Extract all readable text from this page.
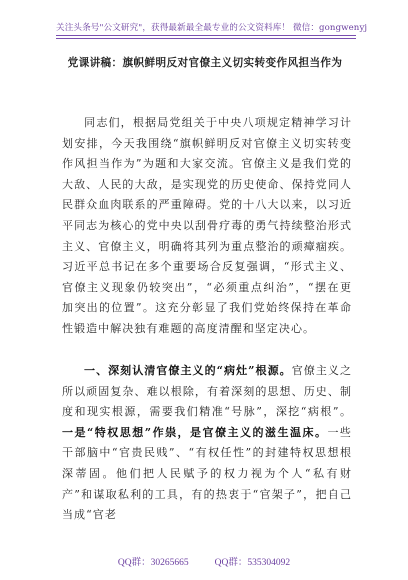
关注头条号"公文研究"，获得最新最全最专业的公文资料库！ 微信：gongwenyj
党课讲稿：旗帜鲜明反对官僚主义切实转变作风担当作为
同志们，根据局党组关于中央八项规定精神学习计划安排，今天我围绕“旗帜鲜明反对官僚主义切实转变作风担当作为”为题和大家交流。官僚主义是我们党的大敌、人民的大敌，是实现党的历史使命、保持党同人民群众血肉联系的严重障碍。党的十八大以来，以习近平同志为核心的党中央以刮骨疗毒的勇气持续整治形式主义、官僚主义，明确将其列为重点整治的顽瘴痼疾。习近平总书记在多个重要场合反复强调，“形式主义、官僚主义现象仍较突出”，“必须重点纠治”，“摆在更加突出的位置”。这充分彰显了我们党始终保持在革命性锻造中解决独有难题的高度清醒和坚定决心。
一、深刻认清官僚主义的“病灶”根源。官僚主义之所以顽固复杂、难以根除，有着深刻的思想、历史、制度和现实根源，需要我们精准“号脉”，深挖“病根”。一是“特权思想”作祟，是官僚主义的滋生温床。一些干部脑中“官贵民贱”、“有权任性”的封建特权思想根深蒂固。他们把人民赋予的权力视为个人“私有财产”和谋取私利的工具，有的热衷于“官架子”，把自己当成“官老
QQ群：30265665	QQ群：535304092
